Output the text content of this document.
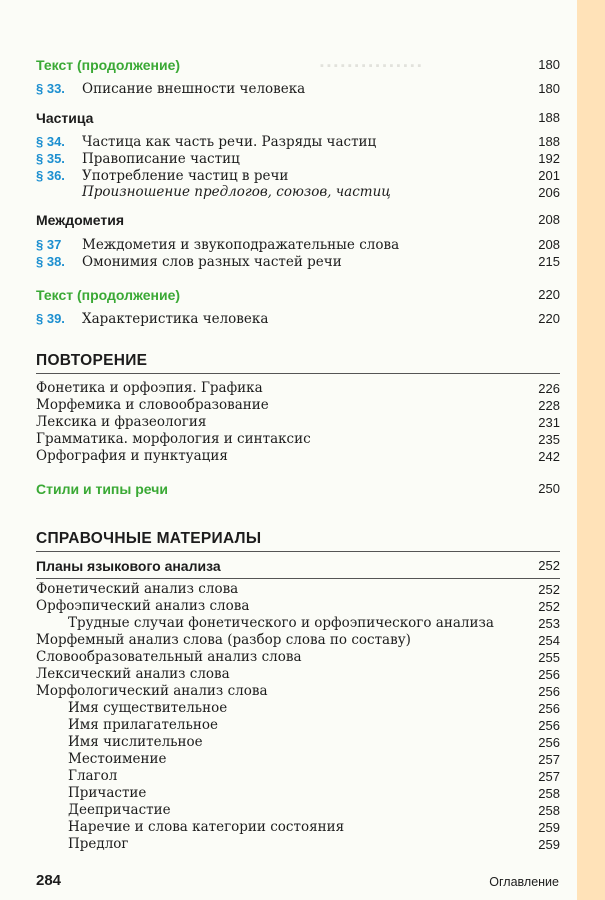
▪ ▪ ▪ ▪ ▪ ▪ ▪ ▪ ▪ ▪ ▪ ▪ ▪ ▪ ▪
Текст (продолжение)	180
§ 33. Описание внешности человека	180
Частица	188
§ 34. Частица как часть речи. Разряды частиц	188
§ 35. Правописание частиц	192
§ 36. Употребление частиц в речи	201
Произношение предлогов, союзов, частиц	206
Междометия	208
§ 37 Междометия и звукоподражательные слова	208
§ 38. Омонимия слов разных частей речи	215
Текст (продолжение)	220
§ 39. Характеристика человека	220
ПОВТОРЕНИЕ
Фонетика и орфоэпия. Графика	226
Морфемика и словообразование	228
Лексика и фразеология	231
Грамматика. морфология и синтаксис	235
Орфография и пунктуация	242
Стили и типы речи	250
СПРАВОЧНЫЕ МАТЕРИАЛЫ
Планы языкового анализа	252
Фонетический анализ слова	252
Орфоэпический анализ слова	252
Трудные случаи фонетического и орфоэпического анализа	253
Морфемный анализ слова (разбор слова по составу)	254
Словообразовательный анализ слова	255
Лексический анализ слова	256
Морфологический анализ слова	256
Имя существительное	256
Имя прилагательное	256
Имя числительное	256
Местоимение	257
Глагол	257
Причастие	258
Деепричастие	258
Наречие и слова категории состояния	259
Предлог	259
284	Оглавление
